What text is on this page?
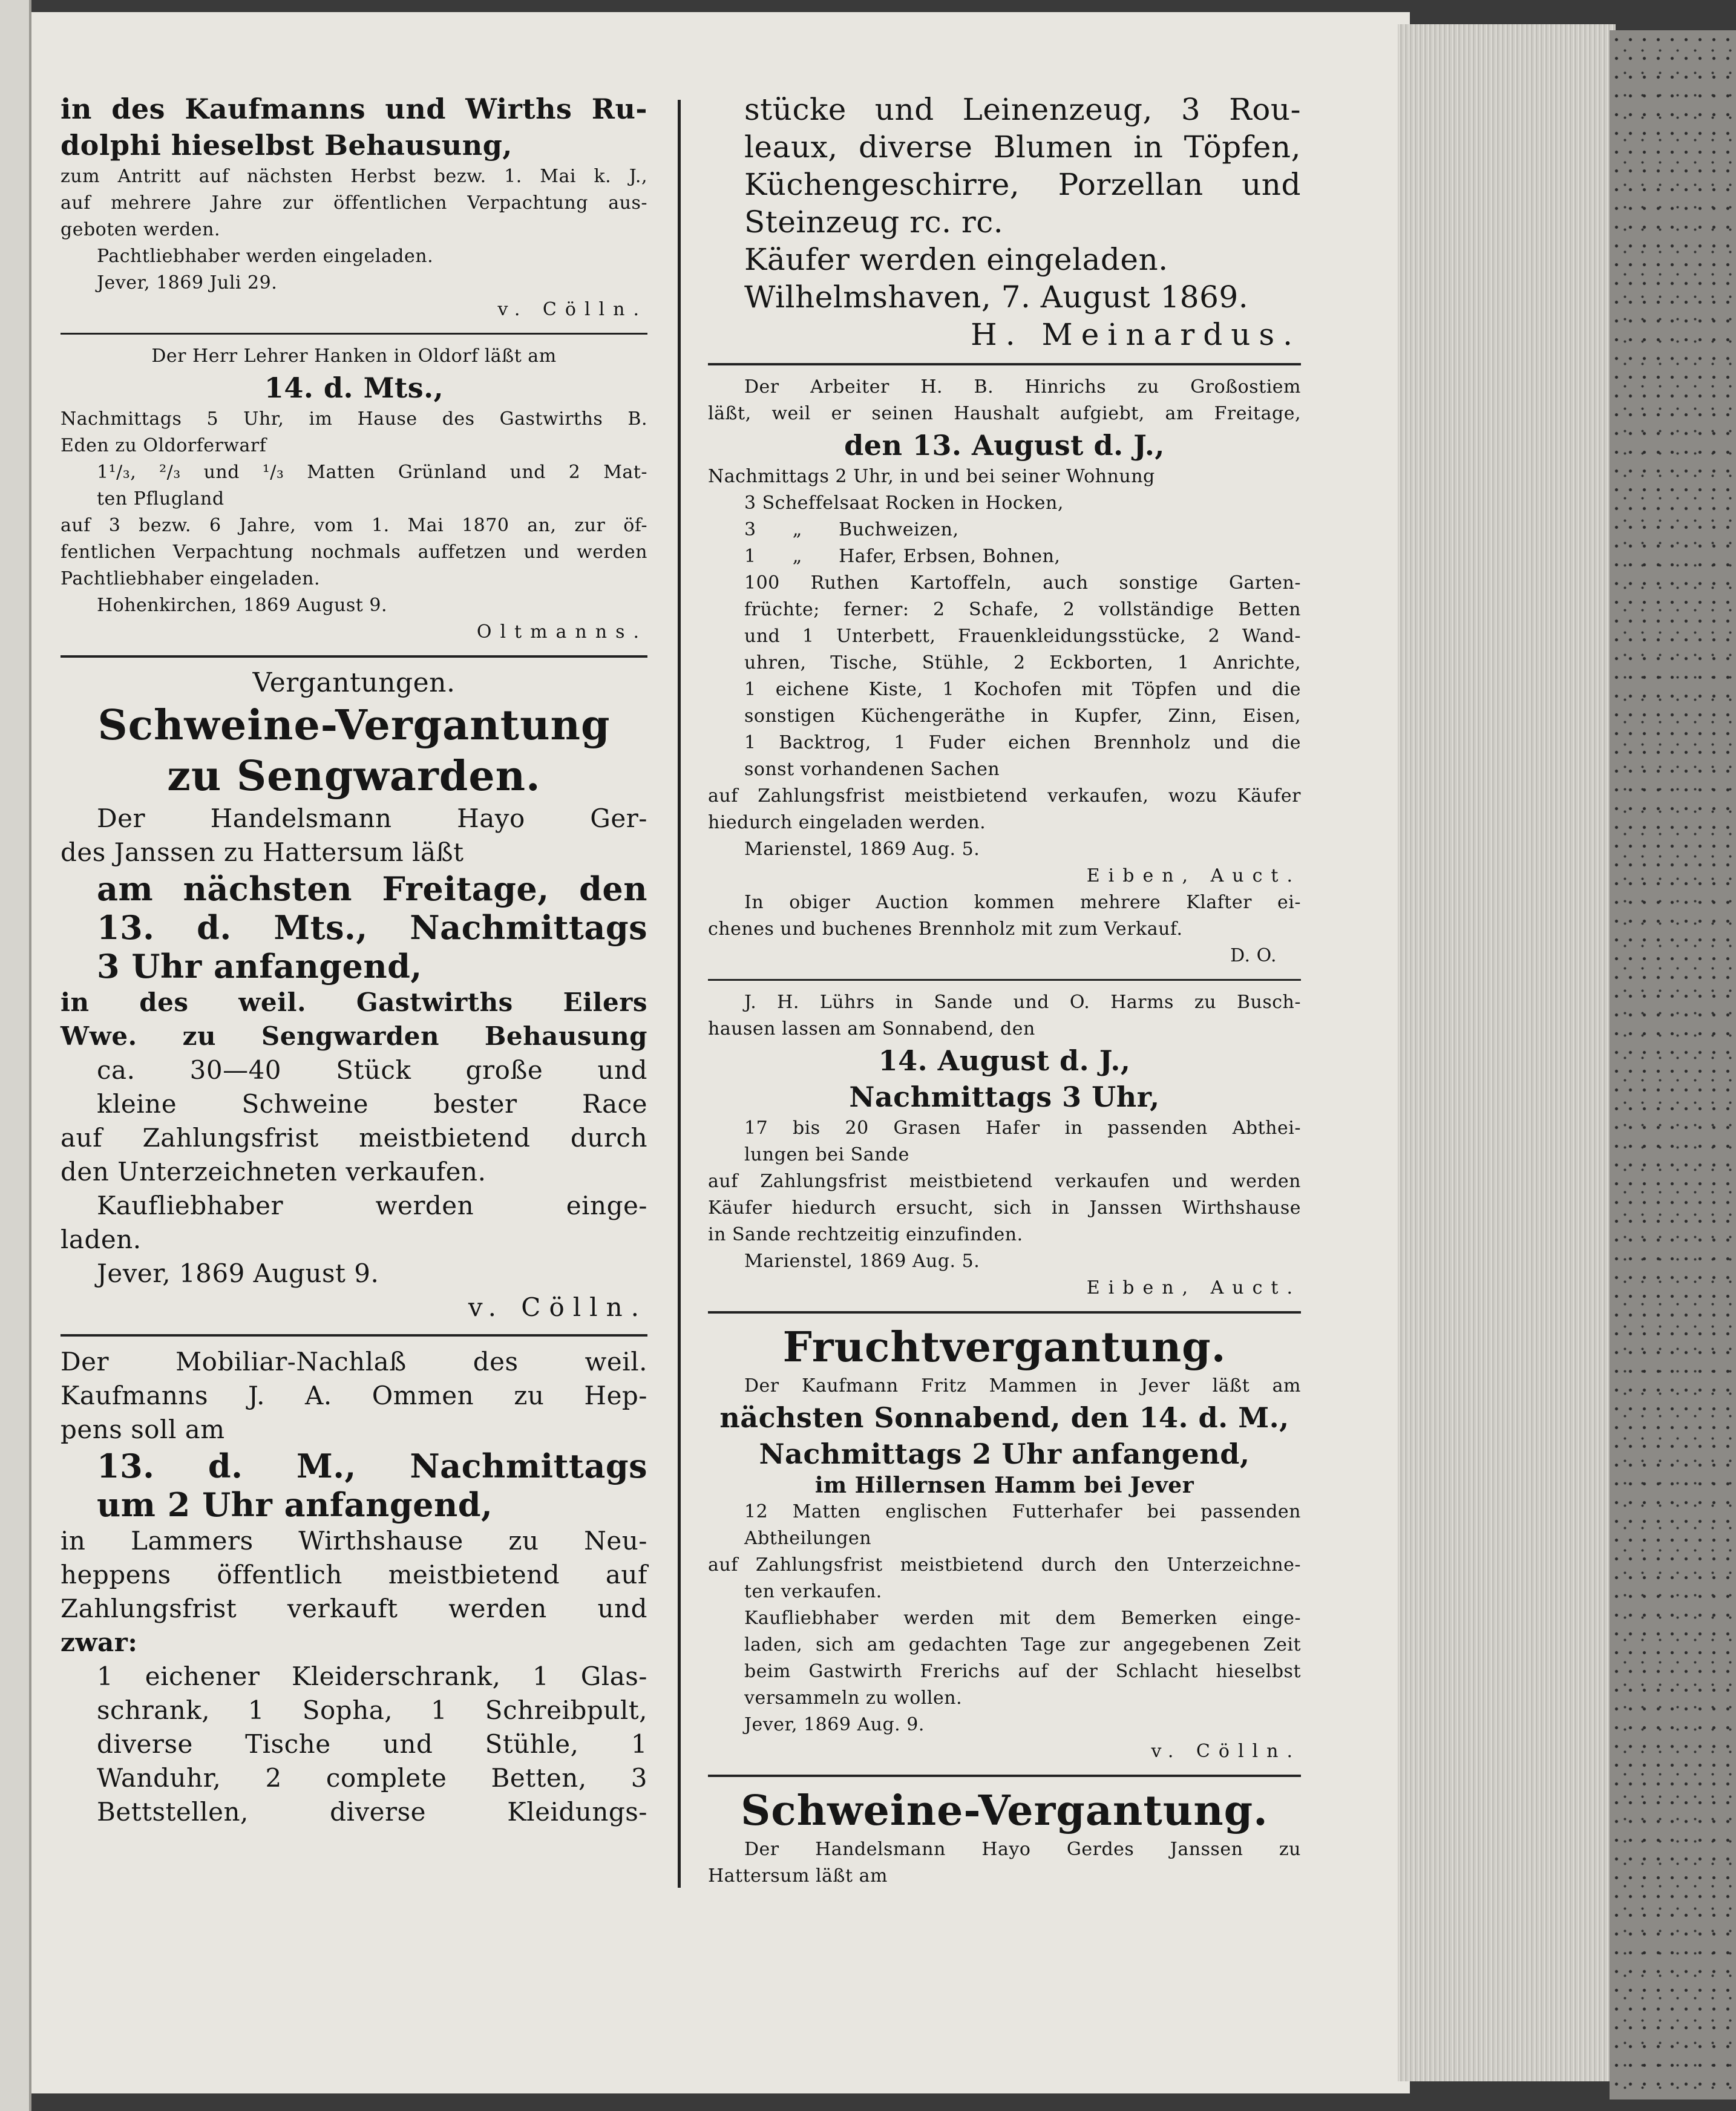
in des Kaufmanns und Wirths Ru-
dolphi hieselbst Behausung,
zum Antritt auf nächsten Herbst bezw. 1. Mai k. J.,
auf mehrere Jahre zur öffentlichen Verpachtung aus-
geboten werden.
Pachtliebhaber werden eingeladen.
Jever, 1869 Juli 29.
v. Cölln.
Der Herr Lehrer Hanken in Oldorf läßt am
14. d. Mts.,
Nachmittags 5 Uhr, im Hause des Gastwirths B.
Eden zu Oldorferwarf
1¹/₃, ²/₃ und ¹/₃ Matten Grünland und 2 Mat-
ten Pflugland
auf 3 bezw. 6 Jahre, vom 1. Mai 1870 an, zur öf-
fentlichen Verpachtung nochmals auffetzen und werden
Pachtliebhaber eingeladen.
Hohenkirchen, 1869 August 9.
Oltmanns.
Vergantungen.
Schweine-Vergantung
zu Sengwarden.
Der Handelsmann Hayo Ger-
des Janssen zu Hattersum läßt
am nächsten Freitage, den
13. d. Mts., Nachmittags
3 Uhr anfangend,
in des weil. Gastwirths Eilers
Wwe. zu Sengwarden Behausung
ca. 30—40 Stück große und
kleine Schweine bester Race
auf Zahlungsfrist meistbietend durch
den Unterzeichneten verkaufen.
Kaufliebhaber werden einge-
laden.
Jever, 1869 August 9.
v. Cölln.
Der Mobiliar-Nachlaß des weil.
Kaufmanns J. A. Ommen zu Hep-
pens soll am
13. d. M., Nachmittags
um 2 Uhr anfangend,
in Lammers Wirthshause zu Neu-
heppens öffentlich meistbietend auf
Zahlungsfrist verkauft werden und
zwar:
1 eichener Kleiderschrank, 1 Glas-
schrank, 1 Sopha, 1 Schreibpult,
diverse Tische und Stühle, 1
Wanduhr, 2 complete Betten, 3
Bettstellen, diverse Kleidungs-
stücke und Leinenzeug, 3 Rou-
leaux, diverse Blumen in Töpfen,
Küchengeschirre, Porzellan und
Steinzeug rc. rc.
Käufer werden eingeladen.
Wilhelmshaven, 7. August 1869.
H. Meinardus.
Der Arbeiter H. B. Hinrichs zu Großostiem
läßt, weil er seinen Haushalt aufgiebt, am Freitage,
den 13. August d. J.,
Nachmittags 2 Uhr, in und bei seiner Wohnung
3 Scheffelsaat Rocken in Hocken,
3      „      Buchweizen,
1      „      Hafer, Erbsen, Bohnen,
100 Ruthen Kartoffeln, auch sonstige Garten-
früchte; ferner: 2 Schafe, 2 vollständige Betten
und 1 Unterbett, Frauenkleidungsstücke, 2 Wand-
uhren, Tische, Stühle, 2 Eckborten, 1 Anrichte,
1 eichene Kiste, 1 Kochofen mit Töpfen und die
sonstigen Küchengeräthe in Kupfer, Zinn, Eisen,
1 Backtrog, 1 Fuder eichen Brennholz und die
sonst vorhandenen Sachen
auf Zahlungsfrist meistbietend verkaufen, wozu Käufer
hiedurch eingeladen werden.
Marienstel, 1869 Aug. 5.
Eiben, Auct.
In obiger Auction kommen mehrere Klafter ei-
chenes und buchenes Brennholz mit zum Verkauf.
D. O.
J. H. Lührs in Sande und O. Harms zu Busch-
hausen lassen am Sonnabend, den
14. August d. J.,
Nachmittags 3 Uhr,
17 bis 20 Grasen Hafer in passenden Abthei-
lungen bei Sande
auf Zahlungsfrist meistbietend verkaufen und werden
Käufer hiedurch ersucht, sich in Janssen Wirthshause
in Sande rechtzeitig einzufinden.
Marienstel, 1869 Aug. 5.
Eiben, Auct.
Fruchtvergantung.
Der Kaufmann Fritz Mammen in Jever läßt am
nächsten Sonnabend, den 14. d. M.,
Nachmittags 2 Uhr anfangend,
im Hillernsen Hamm bei Jever
12 Matten englischen Futterhafer bei passenden
Abtheilungen
auf Zahlungsfrist meistbietend durch den Unterzeichne-
ten verkaufen.
Kaufliebhaber werden mit dem Bemerken einge-
laden, sich am gedachten Tage zur angegebenen Zeit
beim Gastwirth Frerichs auf der Schlacht hieselbst
versammeln zu wollen.
Jever, 1869 Aug. 9.
v. Cölln.
Schweine-Vergantung.
Der Handelsmann Hayo Gerdes Janssen zu
Hattersum läßt am
